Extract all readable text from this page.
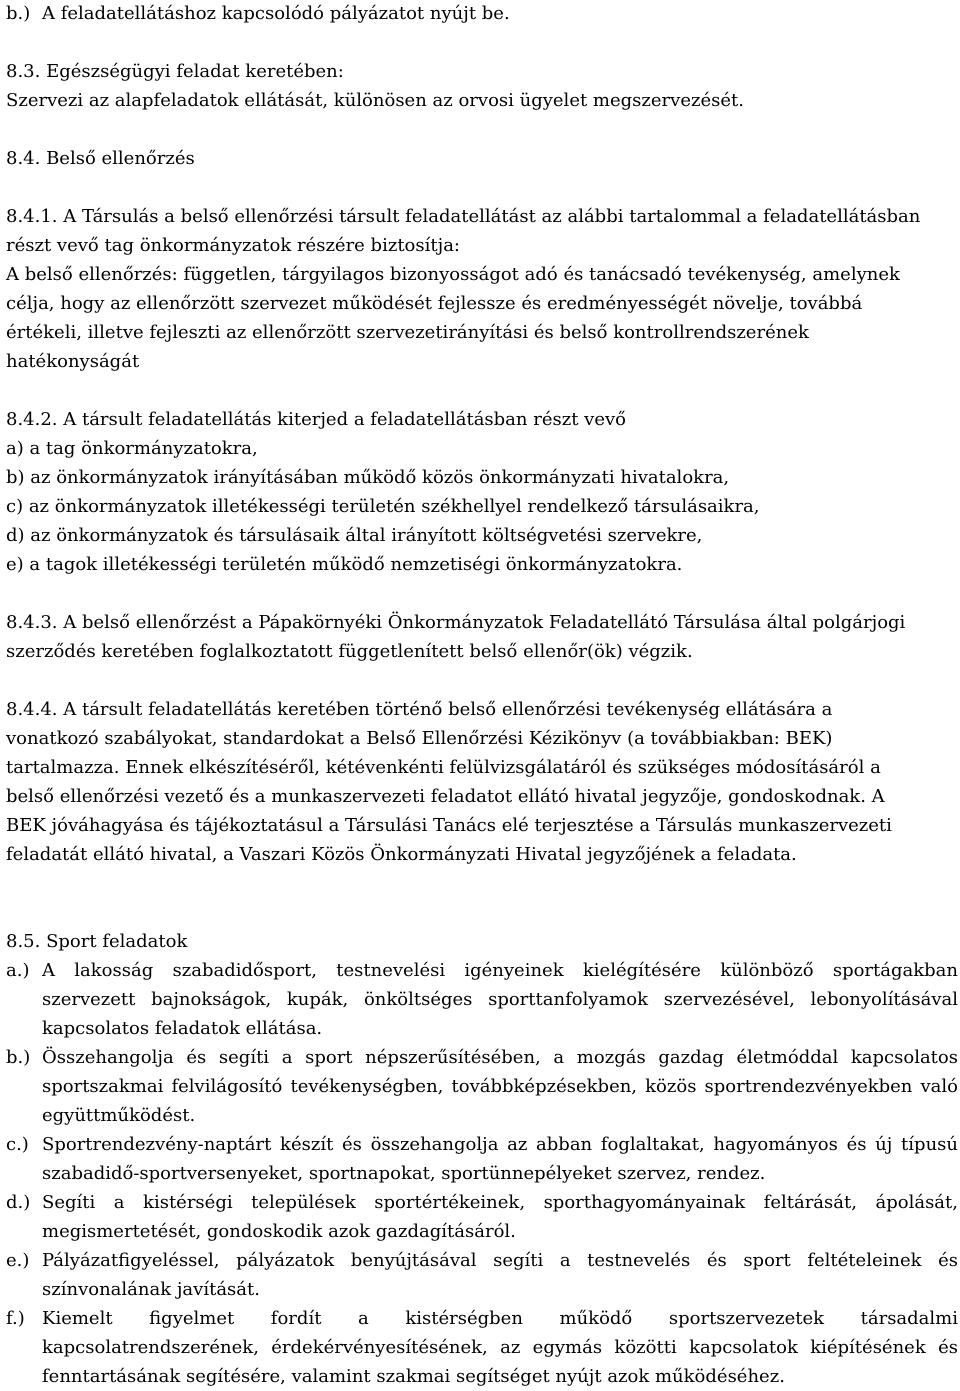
b.) A feladatellátáshoz kapcsolódó pályázatot nyújt be.

8.3. Egészségügyi feladat keretében:

Szervezi az alapfeladatok ellátását, különösen az orvosi ügyelet megszervezését.

8.4. Belső ellenőrzés

8.4.1. A Társulás a belső ellenőrzési társult feladatellátást az alábbi tartalommal a feladatellátásban

részt vevő tag önkormányzatok részére biztosítja:

A belső ellenőrzés: független, tárgyilagos bizonyosságot adó és tanácsadó tevékenység, amelynek

célja, hogy az ellenőrzött szervezet működését fejlessze és eredményességét növelje, továbbá

értékeli, illetve fejleszti az ellenőrzött szervezetirányítási és belső kontrollrendszerének

hatékonyságát

8.4.2. A társult feladatellátás kiterjed a feladatellátásban részt vevő

a) a tag önkormányzatokra,

b) az önkormányzatok irányításában működő közös önkormányzati hivatalokra,

c) az önkormányzatok illetékességi területén székhellyel rendelkező társulásaikra,

d) az önkormányzatok és társulásaik által irányított költségvetési szervekre,

e) a tagok illetékességi területén működő nemzetiségi önkormányzatokra.

8.4.3. A belső ellenőrzést a Pápakörnyéki Önkormányzatok Feladatellátó Társulása által polgárjogi

szerződés keretében foglalkoztatott függetlenített belső ellenőr(ök) végzik.

8.4.4. A társult feladatellátás keretében történő belső ellenőrzési tevékenység ellátására a

vonatkozó szabályokat, standardokat a Belső Ellenőrzési Kézikönyv (a továbbiakban: BEK)

tartalmazza. Ennek elkészítéséről, kétévenkénti felülvizsgálatáról és szükséges módosításáról a

belső ellenőrzési vezető és a munkaszervezeti feladatot ellátó hivatal jegyzője, gondoskodnak. A

BEK jóváhagyása és tájékoztatásul a Társulási Tanács elé terjesztése a Társulás munkaszervezeti

feladatát ellátó hivatal, a Vaszari Közös Önkormányzati Hivatal jegyzőjének a feladata.

8.5. Sport feladatok

a.) A lakosság szabadidősport, testnevelési igényeinek kielégítésére különböző sportágakban szervezett bajnokságok, kupák, önköltséges sporttanfolyamok szervezésével, lebonyolításával kapcsolatos feladatok ellátása.
b.) Összehangolja és segíti a sport népszerűsítésében, a mozgás gazdag életmóddal kapcsolatos sportszakmai felvilágosító tevékenységben, továbbképzésekben, közös sportrendezvényekben való együttműködést.
c.) Sportrendezvény-naptárt készít és összehangolja az abban foglaltakat, hagyományos és új típusú szabadidő-sportversenyeket, sportnapokat, sportünnepélyeket szervez, rendez.
d.) Segíti a kistérségi települések sportértékeinek, sporthagyományainak feltárását, ápolását, megismertetését, gondoskodik azok gazdagításáról.
e.) Pályázatfigyeléssel, pályázatok benyújtásával segíti a testnevelés és sport feltételeinek és színvonalának javítását.
f.) Kiemelt figyelmet fordít a kistérségben működő sportszervezetek társadalmi kapcsolatrendszerének, érdekérvényesítésének, az egymás közötti kapcsolatok kiépítésének és fenntartásának segítésére, valamint szakmai segítséget nyújt azok működéséhez.
